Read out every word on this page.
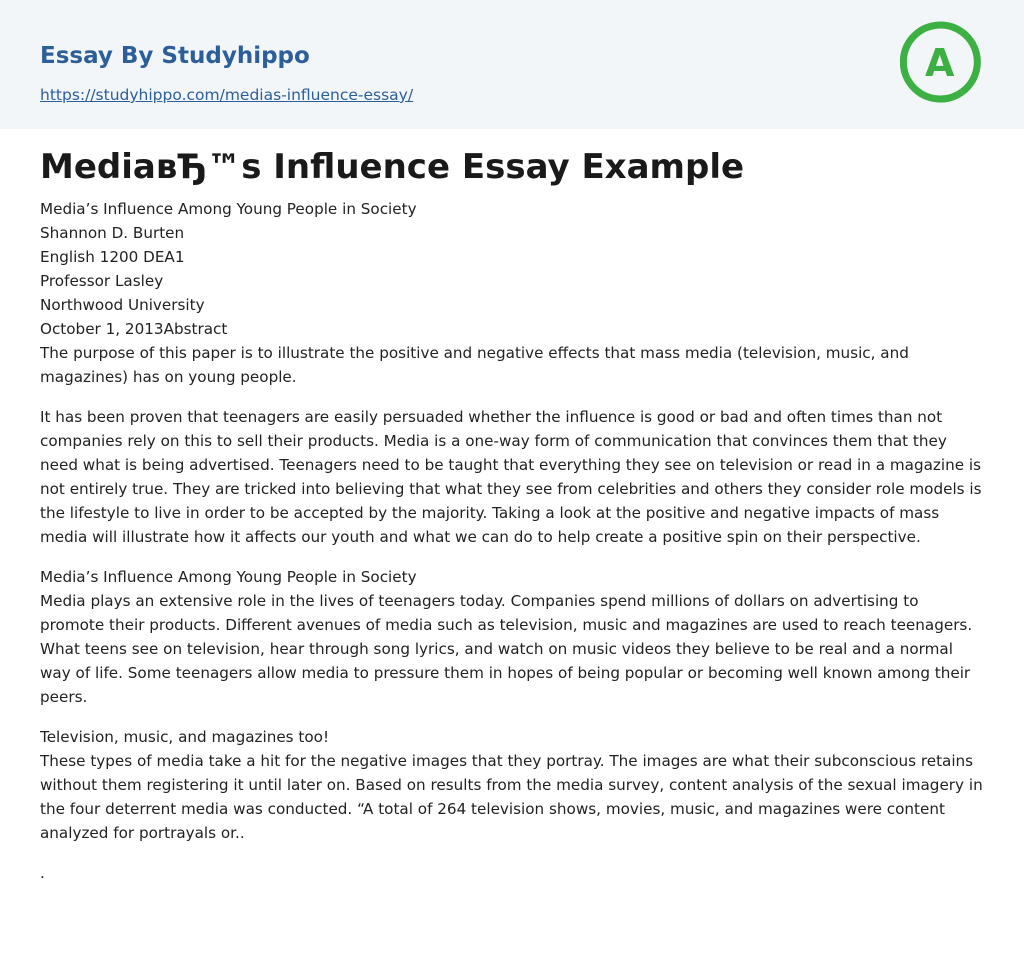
Essay By Studyhippo
https://studyhippo.com/medias-influence-essay/
A
MediaвЂ™s Influence Essay Example

Media’s Influence Among Young People in Society

Shannon D. Burten

English 1200 DEA1

Professor Lasley

Northwood University

October 1, 2013Abstract

The purpose of this paper is to illustrate the positive and negative effects that mass media (television, music, and magazines) has on young people.

It has been proven that teenagers are easily persuaded whether the influence is good or bad and often times than not companies rely on this to sell their products. Media is a one-way form of communication that convinces them that they need what is being advertised. Teenagers need to be taught that everything they see on television or read in a magazine is not entirely true. They are tricked into believing that what they see from celebrities and others they consider role models is the lifestyle to live in order to be accepted by the majority. Taking a look at the positive and negative impacts of mass media will illustrate how it affects our youth and what we can do to help create a positive spin on their perspective.

Media’s Influence Among Young People in Society
Media plays an extensive role in the lives of teenagers today. Companies spend millions of dollars on advertising to promote their products. Different avenues of media such as television, music and magazines are used to reach teenagers. What teens see on television, hear through song lyrics, and watch on music videos they believe to be real and a normal way of life. Some teenagers allow media to pressure them in hopes of being popular or becoming well known among their peers.
Television, music, and magazines too!
These types of media take a hit for the negative images that they portray. The images are what their subconscious retains without them registering it until later on. Based on results from the media survey, content analysis of the sexual imagery in the four deterrent media was conducted. “A total of 264 television shows, movies, music, and magazines were content analyzed for portrayals or..

.
